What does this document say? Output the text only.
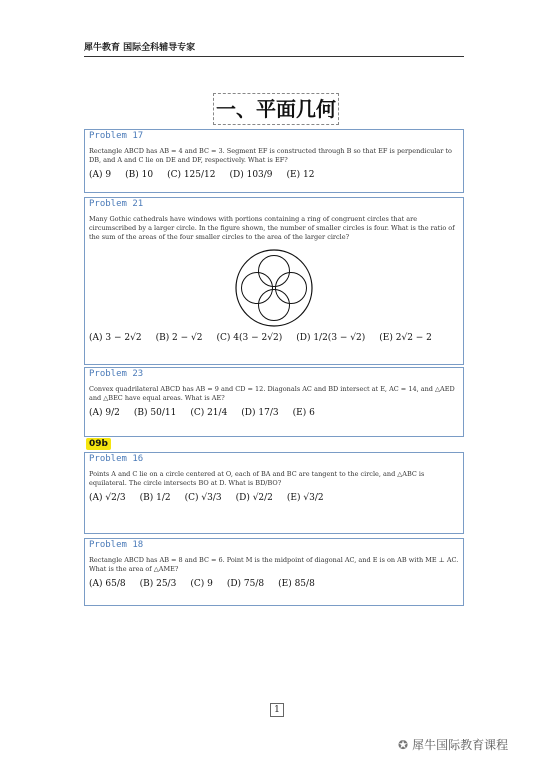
犀牛教育 国际全科辅导专家
一、平面几何
Problem 17
Rectangle ABCD has AB = 4 and BC = 3. Segment EF is constructed through B so that EF is perpendicular to DB, and A and C lie on DE and DF, respectively. What is EF?
(A) 9 (B) 10 (C) 125/12 (D) 103/9 (E) 12
Problem 21
Many Gothic cathedrals have windows with portions containing a ring of congruent circles that are circumscribed by a larger circle. In the figure shown, the number of smaller circles is four. What is the ratio of the sum of the areas of the four smaller circles to the area of the larger circle?
(A) 3 − 2√2 (B) 2 − √2 (C) 4(3 − 2√2) (D) 1/2(3 − √2) (E) 2√2 − 2
Problem 23
Convex quadrilateral ABCD has AB = 9 and CD = 12. Diagonals AC and BD intersect at E, AC = 14, and △AED and △BEC have equal areas. What is AE?
(A) 9/2 (B) 50/11 (C) 21/4 (D) 17/3 (E) 6
09b
Problem 16
Points A and C lie on a circle centered at O, each of BA and BC are tangent to the circle, and △ABC is equilateral. The circle intersects BO at D. What is BD/BO?
(A) √2/3 (B) 1/2 (C) √3/3 (D) √2/2 (E) √3/2
Problem 18
Rectangle ABCD has AB = 8 and BC = 6. Point M is the midpoint of diagonal AC, and E is on AB with ME ⊥ AC. What is the area of △AME?
(A) 65/8 (B) 25/3 (C) 9 (D) 75/8 (E) 85/8
1
✪ 犀牛国际教育课程
